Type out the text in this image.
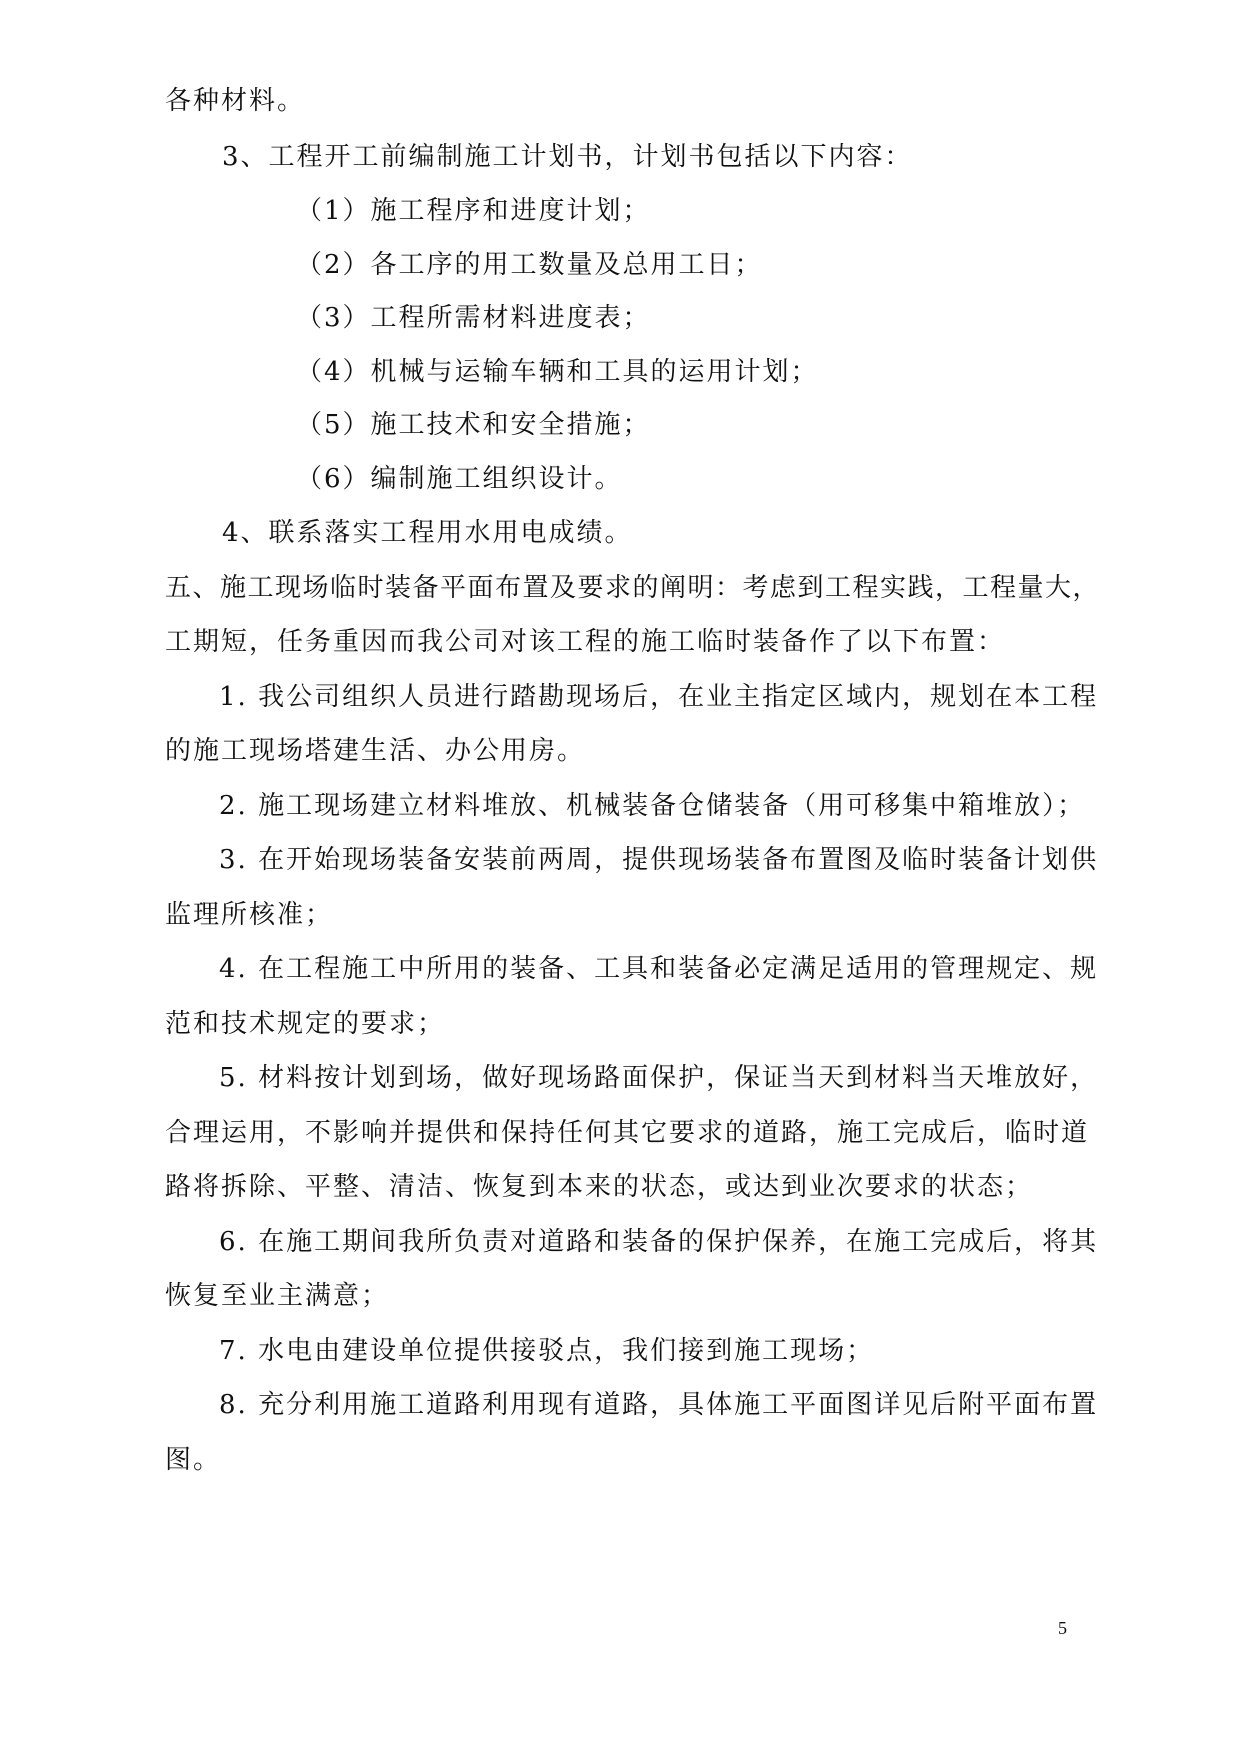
各种材料。
3、工程开工前编制施工计划书，计划书包括以下内容：
（1）施工程序和进度计划；
（2）各工序的用工数量及总用工日；
（3）工程所需材料进度表；
（4）机械与运输车辆和工具的运用计划；
（5）施工技术和安全措施；
（6）编制施工组织设计。
4、联系落实工程用水用电成绩。
五、施工现场临时装备平面布置及要求的阐明：考虑到工程实践，工程量大，
工期短，任务重因而我公司对该工程的施工临时装备作了以下布置：
1. 我公司组织人员进行踏勘现场后，在业主指定区域内，规划在本工程
的施工现场塔建生活、办公用房。
2. 施工现场建立材料堆放、机械装备仓储装备（用可移集中箱堆放）；
3. 在开始现场装备安装前两周，提供现场装备布置图及临时装备计划供
监理所核准；
4. 在工程施工中所用的装备、工具和装备必定满足适用的管理规定、规
范和技术规定的要求；
5. 材料按计划到场，做好现场路面保护，保证当天到材料当天堆放好，
合理运用，不影响并提供和保持任何其它要求的道路，施工完成后，临时道
路将拆除、平整、清洁、恢复到本来的状态，或达到业次要求的状态；
6. 在施工期间我所负责对道路和装备的保护保养，在施工完成后，将其
恢复至业主满意；
7. 水电由建设单位提供接驳点，我们接到施工现场；
8. 充分利用施工道路利用现有道路，具体施工平面图详见后附平面布置
图。
5
